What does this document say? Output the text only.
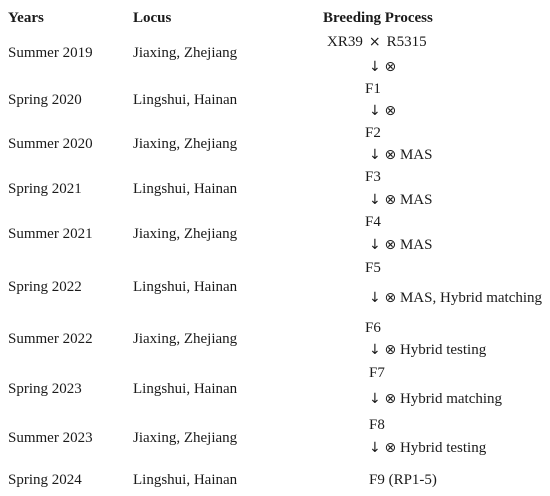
Years	Locus	Breeding Process
Summer 2019
Spring 2020
Summer 2020
Spring 2021
Summer 2021
Spring 2022
Summer 2022
Spring 2023
Summer 2023
Spring 2024
Jiaxing, Zhejiang
Lingshui, Hainan
Jiaxing, Zhejiang
Lingshui, Hainan
Jiaxing, Zhejiang
Lingshui, Hainan
Jiaxing, Zhejiang
Lingshui, Hainan
Jiaxing, Zhejiang
Lingshui, Hainan
XR39 × R5315
↓ ⊗
F1
↓ ⊗
F2
↓ ⊗ MAS
F3
↓ ⊗ MAS
F4
↓ ⊗ MAS
F5
↓ ⊗ MAS, Hybrid matching
F6
↓ ⊗ Hybrid testing
F7
↓ ⊗ Hybrid matching
F8
↓ ⊗ Hybrid testing
F9 (RP1-5)
